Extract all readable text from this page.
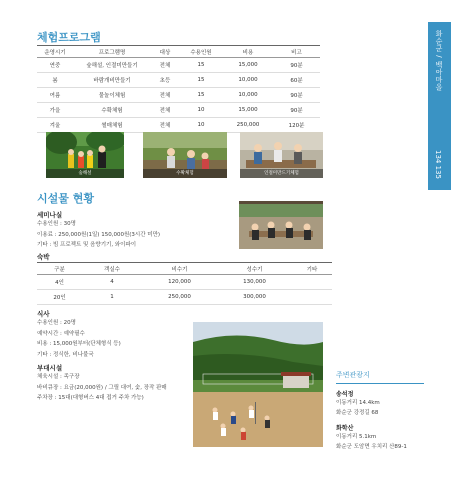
화순군 / 백아마을
134 135
체험프로그램
운영시기	프로그램명	대상	수용인원	비용	비고
연중	숲해설, 인절미만들기	전체	15	15,000	90분
봄	바람개비만들기	초등	15	10,000	60분
여름	물놀이체험	전체	15	10,000	90분
가을	수확체험	전체	10	15,000	90분
겨울	썰매체험	전체	10	250,000	120분
숲해설	수확체험	인절미만드기체험
시설물 현황
세미나실
수용인원 : 30명
이용료 : 250,000원(1일) 150,000원(3시간 미만)
기타 : 빔 프로젝트 및 음향기기, 와이파이
숙박
구분	객실수	비수기	성수기	기타
4인	4	120,000	130,000	
20인	1	250,000	300,000	
식사
수용인원 : 20명
예약시간 : 예약필수
비용 : 15,000원부터(단체형식 등)
기타 : 정식한, 비나불국
부대시설
체육시설 : 족구장
바비큐장 : 요금(20,000원) / 그릴 대여, 숯, 장작 판매
주차장 : 15대(대형버스 4대 접거 주차 가능)
주변관광지
송석정
이동거리 14.4km
화순군 강정길 68
화학산
이동거리 5.1km
화순군 도암면 우치리 산89-1
